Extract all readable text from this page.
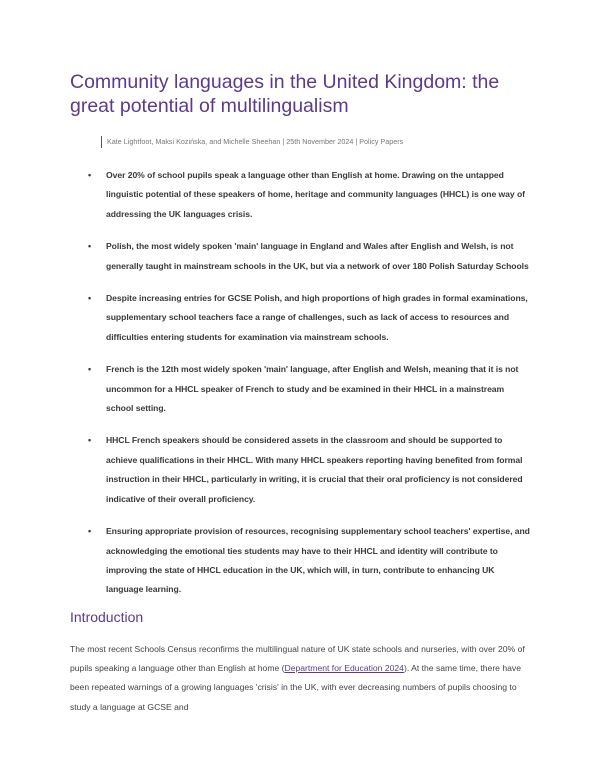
Community languages in the United Kingdom: the great potential of multilingualism
Kate Lightfoot, Maksi Kozińska, and Michelle Sheehan | 25th November 2024 | Policy Papers
• Over 20% of school pupils speak a language other than English at home. Drawing on the untapped linguistic potential of these speakers of home, heritage and community languages (HHCL) is one way of addressing the UK languages crisis.
• Polish, the most widely spoken 'main' language in England and Wales after English and Welsh, is not generally taught in mainstream schools in the UK, but via a network of over 180 Polish Saturday Schools
• Despite increasing entries for GCSE Polish, and high proportions of high grades in formal examinations, supplementary school teachers face a range of challenges, such as lack of access to resources and difficulties entering students for examination via mainstream schools.
• French is the 12th most widely spoken 'main' language, after English and Welsh, meaning that it is not uncommon for a HHCL speaker of French to study and be examined in their HHCL in a mainstream school setting.
• HHCL French speakers should be considered assets in the classroom and should be supported to achieve qualifications in their HHCL. With many HHCL speakers reporting having benefited from formal instruction in their HHCL, particularly in writing, it is crucial that their oral proficiency is not considered indicative of their overall proficiency.
• Ensuring appropriate provision of resources, recognising supplementary school teachers' expertise, and acknowledging the emotional ties students may have to their HHCL and identity will contribute to improving the state of HHCL education in the UK, which will, in turn, contribute to enhancing UK language learning.
Introduction

The most recent Schools Census reconfirms the multilingual nature of UK state schools and nurseries, with over 20% of pupils speaking a language other than English at home (Department for Education 2024). At the same time, there have been repeated warnings of a growing languages 'crisis' in the UK, with ever decreasing numbers of pupils choosing to study a language at GCSE and
